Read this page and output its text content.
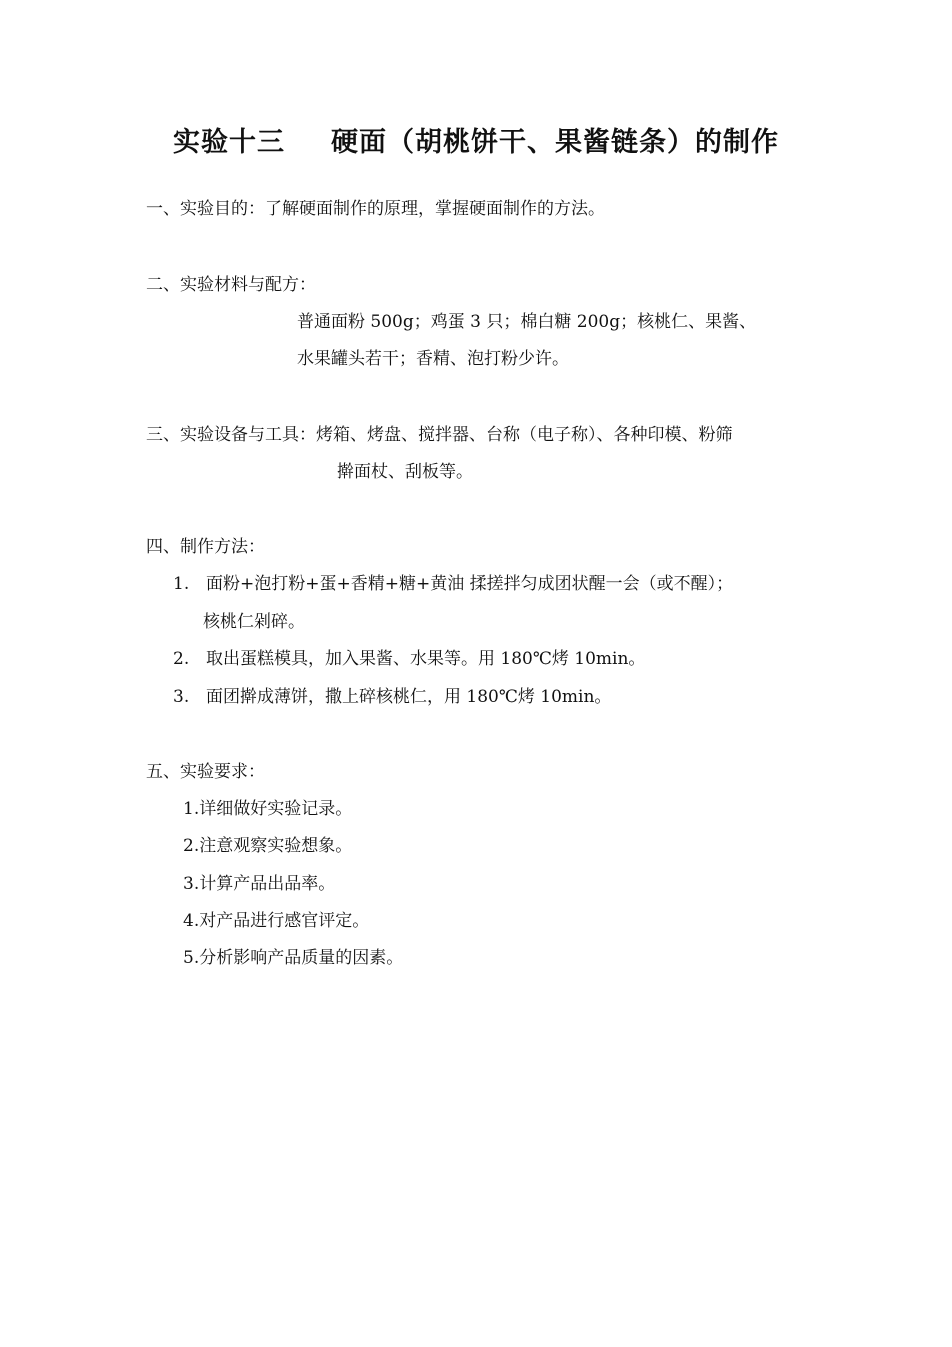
实验十三 硬面（胡桃饼干、果酱链条）的制作
一、实验目的：了解硬面制作的原理，掌握硬面制作的方法。
二、实验材料与配方：
普通面粉 500g；鸡蛋 3 只；棉白糖 200g；核桃仁、果酱、
水果罐头若干；香精、泡打粉少许。
三、实验设备与工具：烤箱、烤盘、搅拌器、台称（电子称）、各种印模、粉筛
擀面杖、刮板等。
四、制作方法：
1. 面粉+泡打粉+蛋+香精+糖+黄油 揉搓拌匀成团状醒一会（或不醒）；
核桃仁剁碎。
2. 取出蛋糕模具，加入果酱、水果等。用 180℃烤 10min。
3. 面团擀成薄饼，撒上碎核桃仁，用 180℃烤 10min。
五、实验要求：
1.详细做好实验记录。
2.注意观察实验想象。
3.计算产品出品率。
4.对产品进行感官评定。
5.分析影响产品质量的因素。
